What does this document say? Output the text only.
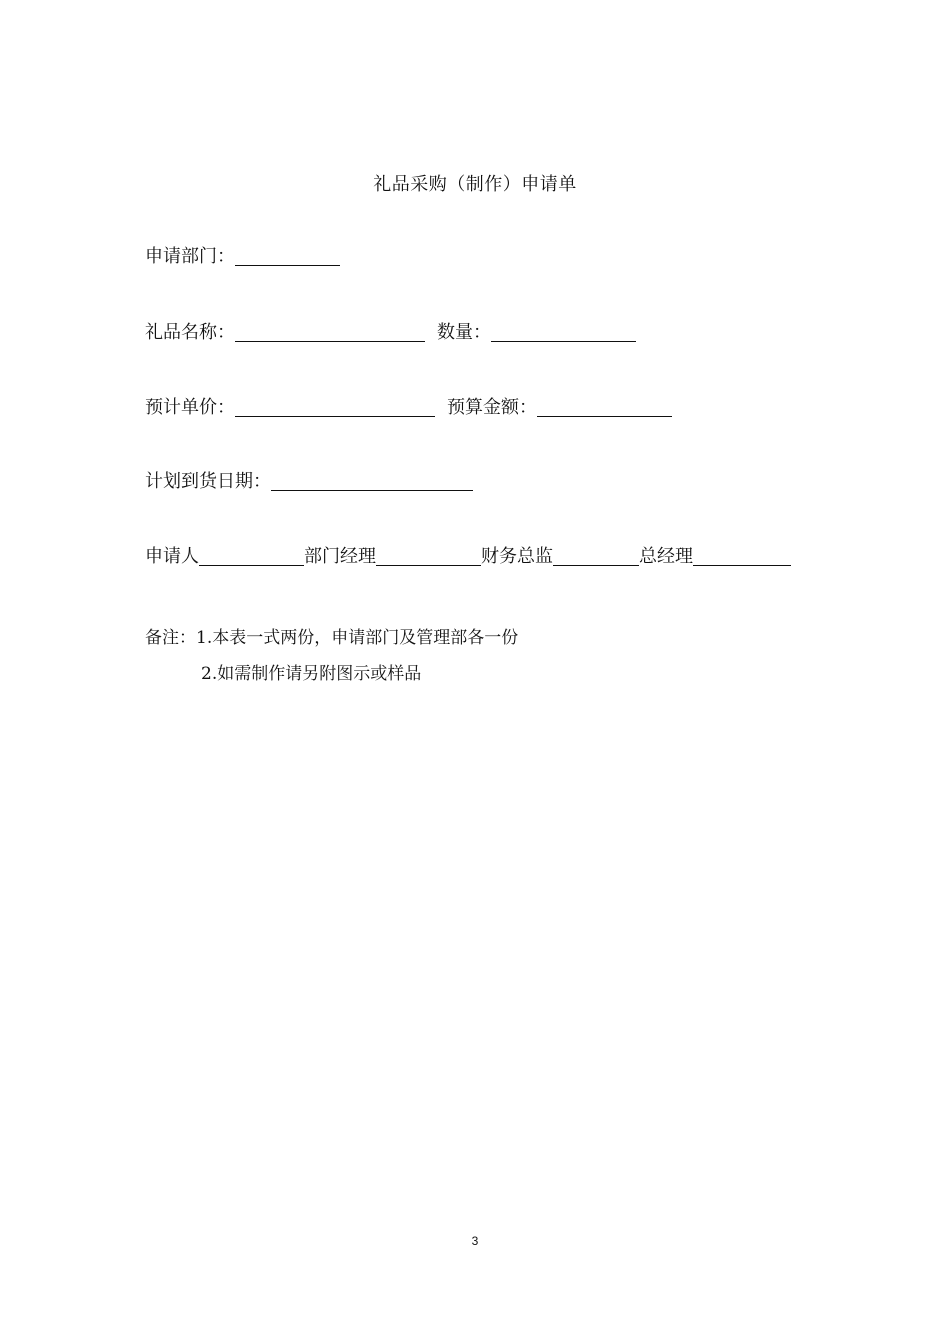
礼品采购（制作）申请单
申请部门：
礼品名称：	数量：
预计单价：	预算金额：
计划到货日期：
申请人	部门经理	财务总监	总经理
备注：1.本表一式两份，申请部门及管理部各一份
2.如需制作请另附图示或样品
3
